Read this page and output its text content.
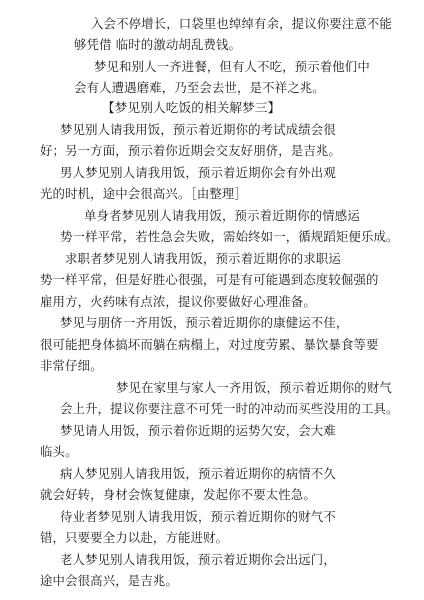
入会不停增长，口袋里也绰绰有余，提议你要注意不能
够凭借 临时的激动胡乱费钱。
梦见和别人一齐进餐，但有人不吃，预示着他们中
会有人遭遇磨难，乃至会去世，是不祥之兆。
【梦见别人吃饭的相关解梦三】
梦见别人请我用饭，预示着近期你的考试成绩会很
好；另一方面，预示着你近期会交友好朋侪，是吉兆。
男人梦见别人请我用饭，预示着近期你会有外出观
光的时机，途中会很高兴。［由整理］
单身者梦见别人请我用饭，预示着近期你的情感运
势一样平常，若性急会失败，需始终如一，循规蹈矩便乐成。
求职者梦见别人请我用饭，预示着近期你的求职运
势一样平常，但是好胜心很强，可是有可能遇到态度较倔强的
雇用方，火药味有点浓，提议你要做好心理准备。
梦见与朋侪一齐用饭，预示着近期你的康健运不佳，
很可能把身体搞坏而躺在病榻上，对过度劳累、暴饮暴食等要
非常仔细。
梦见在家里与家人一齐用饭，预示着近期你的财气
会上升，提议你要注意不可凭一时的冲动而买些没用的工具。
梦见请人用饭，预示着你近期的运势欠安，会大难
临头。
病人梦见别人请我用饭，预示着近期你的病情不久
就会好转，身材会恢复健康，发起你不要太性急。
待业者梦见别人请我用饭，预示着近期你的财气不
错，只要要全力以赴，方能进财。
老人梦见别人请我用饭，预示着近期你会出远门，
途中会很高兴，是吉兆。
